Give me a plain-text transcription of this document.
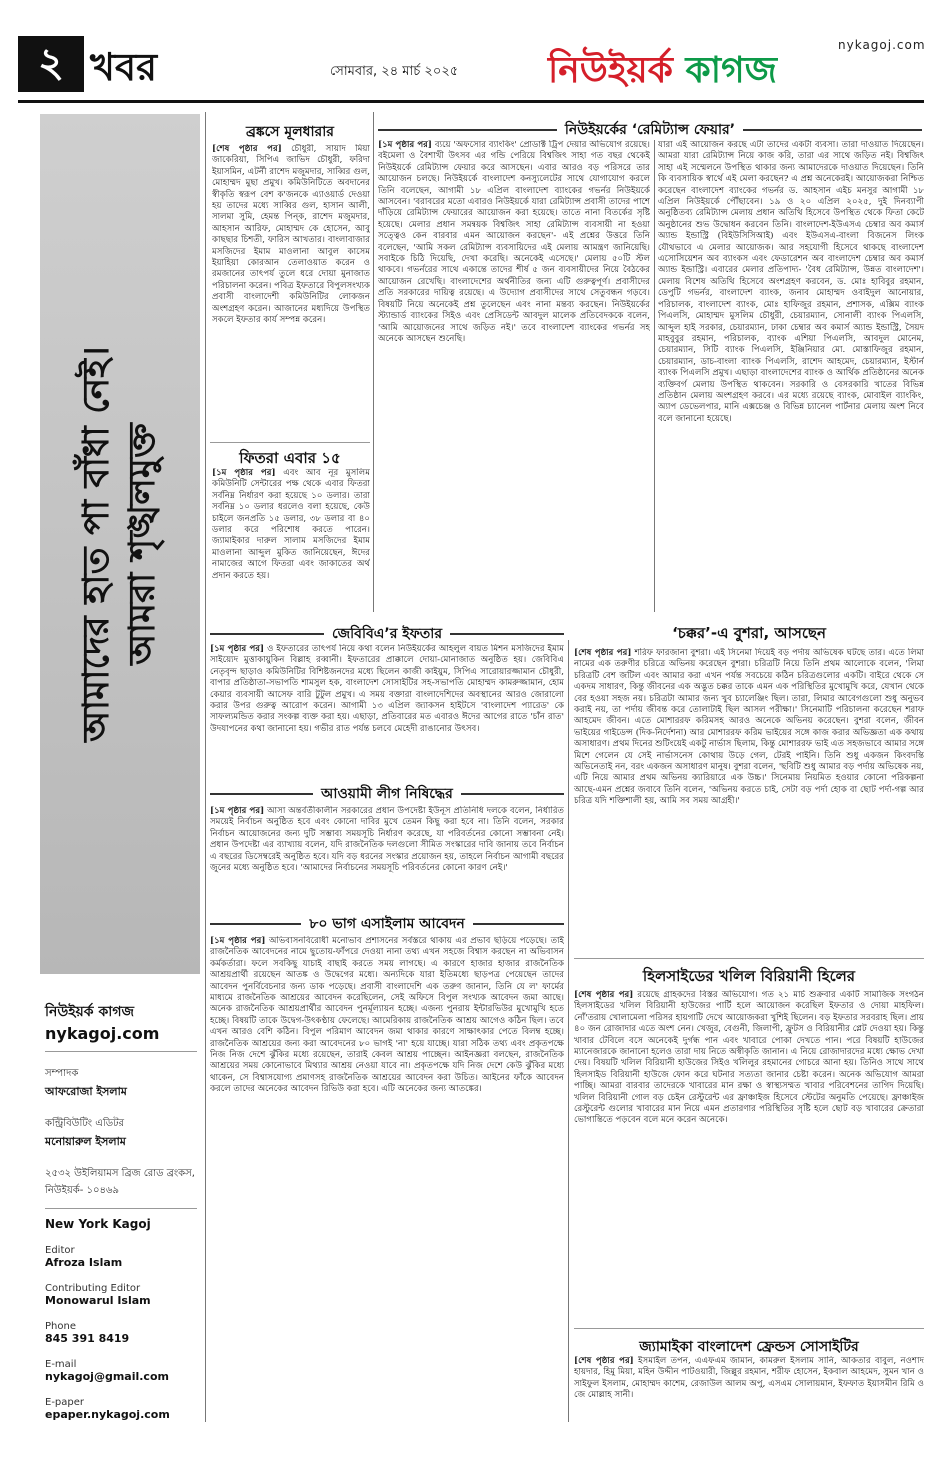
২ খবর	সোমবার, ২৪ মার্চ ২০২৫
nykagoj.com
নিউইয়র্ক কাগজ
আমাদের হাত পা বাঁধা নেই। আমরা শৃঙ্খলমুক্ত
নিউইয়র্ক কাগজ
nykagoj.com
সম্পাদক
আফরোজা ইসলাম
কন্ট্রিবিউটিং এডিটর
মনোয়ারুল ইসলাম
২৫৩২ উইলিয়ামস ব্রিজ রোড ব্রংকস, নিউইয়র্ক- ১০৪৬৯
New York Kagoj
Editor
Afroza Islam
Contributing Editor
Monowarul Islam
Phone
845 391 8419
E-mail
nykagoj@gmail.com
E-paper
epaper.nykagoj.com
ব্রঙ্কসে মূলধারার
[শেষ পৃষ্ঠার পর] চৌধুরী, সায়াদ মিয়া জাকেরিয়া, সিপিএ জাভিদ চৌধুরী, ফরিদা ইয়াসমিন, এটর্নী রাশেদ মজুমদার, সাব্বির গুল, মোহাম্মদ মুছা প্রমুখ। কমিউনিটিতে অবদানের স্বীকৃতি স্বরূপ বেশ ক'জনকে এ্যাওয়ার্ড দেওয়া হয় তাদের মধ্যে সাব্বির গুল, হাসান আলী, সালমা সুমি, হেমন্ত পিন্ক, রাশেদ মজুমদার, আহসান আরিফ, মোহাম্মদ কে হোসেন, আবু কাছছার চিশতী, ফারিস আখতার। বাংলাবাজার মসজিদের ইমাম মাওলানা আবুল কাসেম ইয়াহিয়া কোরআন তেলাওয়াত করেন ও রমজানের তাৎপর্য তুলে ধরে দোয়া মুনাজাত পরিচালনা করেন। পবিত্র ইফতারে বিপুলসংখ্যক প্রবাসী বাংলাদেশী কমিউনিটির লোকজন অংশগ্রহণ করেন। আজানের মধ্যদিয়ে উপস্থিত সকলে ইফতার কার্য সম্পন্ন করেন।
ফিতরা এবার ১৫
[১ম পৃষ্ঠার পর] এবং আব নূর মুসলিম কমিউনিটি সেন্টারের পক্ষ থেকে এবার ফিতরা সর্বনিম্ন নির্ধারণ করা হয়েছে ১০ ডলার। তারা সর্বনিম্ন ১০ ডলার ধরলেও বলা হয়েছে, কেউ চাইলে জনপ্রতি ১৫ ডলার, ৩৮ ডলার বা ৪০ ডলার করে পরিশোধ করতে পারেন। জ্যামাইকার দারুল সালাম মসজিদের ইমাম মাওলানা আব্দুল মুকিত জানিয়েছেন, ঈদের নামাজের আগে ফিতরা এবং জাকাতের অর্থ প্রদান করতে হয়।
নিউইয়র্কের ‘রেমিট্যান্স ফেয়ার’
[১ম পৃষ্ঠার পর] ব্যয়ে 'অফসোর ব্যাংকিং' প্রোডাক্ট ট্রিপ দেয়ার অভিযোগ রয়েছে। বইমেলা ও বৈশাখী উৎসব এর গন্ডি পেরিয়ে বিশ্বজিৎ সাহা গত বছর থেকেই নিউইয়র্কে রেমিট্যান্স ফেয়ার করে আসছেন। এবার আরও বড় পরিসরে তার আয়োজন চলছে। নিউইয়র্কে বাংলাদেশ কনস্যুলেটের সাথে যোগাযোগ করলে তিনি বলেছেন, আগামী ১৮ এপ্রিল বাংলাদেশ ব্যাংকের গভর্নর নিউইয়র্কে আসবেন। 'বরাবরের মতো এবারও নিউইয়র্কে যারা রেমিট্যান্স প্রবাসী তাদের পাশে দাঁড়িয়ে রেমিট্যান্স ফেয়ারের আয়োজন করা হয়েছে। তাতে নানা বিতর্কের সৃষ্টি হয়েছে। মেলার প্রধান সমন্বয়ক বিশ্বজিৎ সাহা রেমিট্যান্স ব্যবসায়ী না হওয়া সত্ত্বেও কেন বারবার এমন আয়োজন করছেন'- এই প্রশ্নের উত্তরে তিনি বলেছেন, 'আমি সকল রেমিট্যান্স ব্যবসায়িদের এই মেলায় আমন্ত্রণ জানিয়েছি। সবাইকে চিঠি দিয়েছি, দেখা করেছি। অনেকেই এসেছে।' মেলায় ৫০টি স্টল থাকবে। গভর্নরের সাথে একান্তে তাদের শীর্ষ ৫ জন ব্যবসায়ীদের নিয়ে বৈঠকের আয়োজন রেখেছি। বাংলাদেশের অর্থনীতির জন্য এটি গুরুত্বপূর্ণ। প্রবাসীদের প্রতি সরকারের দায়িত্ব রয়েছে। এ উদ্যোগ প্রবাসীদের সাথে সেতুবন্ধন গড়বে। বিষয়টি নিয়ে অনেকেই প্রশ্ন তুলেছেন এবং নানা মন্তব্য করছেন। নিউইয়র্কের স্ট্যান্ডার্ড ব্যাংকের সিইও এবং প্রেসিডেন্ট আবদুল মালেক প্রতিবেদককে বলেন, 'আমি আয়োজনের সাথে জড়িত নই।' তবে বাংলাদেশ ব্যাংকের গভর্নর সহ অনেকে আসছেন শুনেছি।
যারা এই আয়োজন করছে এটা তাদের একটা ব্যবসা। তারা দাওয়াত দিয়েছেন। আমরা যারা রেমিট্যান্স নিয়ে কাজ করি, তারা এর সাথে জড়িত নই। বিশ্বজিৎ সাহা এই সম্মেলনে উপস্থিত থাকার জন্য আমাদেরকে দাওয়াত দিয়েছেন। তিনি কি ব্যবসায়িক স্বার্থে এই মেলা করছেন? এ প্রশ্ন অনেকেরই। আয়োজকরা নিশ্চিত করেছেন বাংলাদেশ ব্যাংকের গভর্নর ড. আহসান এইচ মনসুর আগামী ১৮ এপ্রিল নিউইয়র্কে পৌঁছাবেন। ১৯ ও ২০ এপ্রিল ২০২৫, দুই দিনব্যাপী অনুষ্ঠিতব্য রেমিট্যান্স মেলায় প্রধান অতিথি হিসেবে উপস্থিত থেকে ফিতা কেটে অনুষ্ঠানের শুভ উদ্বোধন করবেন তিনি। বাংলাদেশ-ইউএসএ চেম্বার অব কমার্স অ্যান্ড ইন্ডাস্ট্রি (বিইউসিসিআই) এবং ইউএসএ-বাংলা বিজনেস লিংক যৌথভাবে এ মেলার আয়োজক। আর সহযোগী হিসেবে থাকছে বাংলাদেশ এসোসিয়েশন অব ব্যাংকস এবং ফেডারেশন অব বাংলাদেশ চেম্বার অব কমার্স অ্যান্ড ইন্ডাস্ট্রি। এবারের মেলার প্রতিপাদ্য- 'বৈধ রেমিট্যান্স, উন্নত বাংলাদেশ'। মেলায় বিশেষ অতিথি হিসেবে অংশগ্রহণ করবেন, ড. মোঃ হাবিবুর রহমান, ডেপুটি গভর্নর, বাংলাদেশ ব্যাংক, জনাব মোহাম্মদ ওবাইদুল আনোয়ার, পরিচালক, বাংলাদেশ ব্যাংক, মোঃ হাফিজুর রহমান, প্রশাসক, এক্সিম ব্যাংক পিএলসি, মোহাম্মদ মুসলিম চৌধুরী, চেয়ারম্যান, সোনালী ব্যাংক পিএলসি, আব্দুল হাই সরকার, চেয়ারম্যান, ঢাকা চেম্বার অব কমার্স অ্যান্ড ইন্ডাস্ট্রি, সৈয়দ মাহবুবুর রহমান, পরিচালক, ব্যাংক এশিয়া পিএলসি, আবদুল মোনেম, চেয়ারম্যান, সিটি ব্যাংক পিএলসি, ইঞ্জিনিয়ার মো. মোস্তাফিজুর রহমান, চেয়ারম্যান, ডাচ-বাংলা ব্যাংক পিএলসি, রাশেদ আহমেদ, চেয়ারম্যান, ইস্টার্ন ব্যাংক পিএলসি প্রমুখ। এছাড়া বাংলাদেশের ব্যাংক ও আর্থিক প্রতিষ্ঠানের অনেক ব্যক্তিবর্গ মেলায় উপস্থিত থাকবেন। সরকারি ও বেসরকারি খাতের বিভিন্ন প্রতিষ্ঠান মেলায় অংশগ্রহণ করবে। এর মধ্যে রয়েছে ব্যাংক, মোবাইল ব্যাংকিং, অ্যাপ ডেভেলপার, মানি এক্সচেঞ্জ ও বিভিন্ন চ্যানেল পার্টনার মেলায় অংশ নিবে বলে জানানো হয়েছে।
জেবিবিএ’র ইফতার
[১ম পৃষ্ঠার পর] ও ইফতারের তাৎপর্য নিয়ে কথা বলেন নিউইয়র্কের আহলুল বায়ত মিশন মসজিদের ইমাম সাইয়্যেদ মুত্তাকায়ুকিন বিল্লাহ রব্বানী। ইফতারের প্রাক্কালে দোয়া-মোনাজাত অনুষ্ঠিত হয়। জেবিবিএ নেতৃবৃন্দ ছাড়াও কমিউনিটির বিশিষ্টজনদের মধ্যে ছিলেন কাজী কাইয়ুম, সিপিএ সারোয়ারজ্জামান চৌধুরী, বাপার প্রতিষ্ঠাতা-সভাপতি শামসুল হক, বাংলাদেশ সোসাইটির সহ-সভাপতি মোহাম্মদ কামরুজ্জামান, হোম কেয়ার ব্যবসায়ী আসেফ বারি টুটুল প্রমুখ। এ সময় বক্তারা বাংলাদেশিদের অবস্থানের আরও জোরালো করার উপর গুরুত্ব আরোপ করেন। আগামী ১৩ এপ্রিল জ্যাকসন হাইটসে 'বাংলাদেশ প্যারেড' কে সাফল্যমন্ডিত করার সংকল্প ব্যক্ত করা হয়। এছাড়া, প্রতিবারের মত এবারও ঈদের আগের রাতে 'চাঁন রাত' উদযাপনের কথা জানানো হয়। গভীর রাত পর্যন্ত চলবে মেহেদী রাঙানোর উৎসব।
আওয়ামী লীগ নিষিদ্ধের
[১ম পৃষ্ঠার পর] আসা অন্তর্বর্তীকালীন সরকারের প্রধান উপদেষ্টা ইউনূস প্রতিনিধি দলকে বলেন, নির্ধারিত সময়েই নির্বাচন অনুষ্ঠিত হবে এবং কোনো দাবির মুখে তেমন কিছু করা হবে না। তিনি বলেন, সরকার নির্বাচন আয়োজনের জন্য দুটি সম্ভাব্য সময়সূচি নির্ধারণ করেছে, যা পরিবর্তনের কোনো সম্ভাবনা নেই। প্রধান উপদেষ্টা এর ব্যাখ্যায় বলেন, যদি রাজনৈতিক দলগুলো সীমিত সংস্কারের দাবি জানায় তবে নির্বাচন এ বছরের ডিসেম্বরেই অনুষ্ঠিত হবে। যদি বড় ধরনের সংস্কার প্রয়োজন হয়, তাহলে নির্বাচন আগামী বছরের জুনের মধ্যে অনুষ্ঠিত হবে। 'আমাদের নির্বাচনের সময়সূচি পরিবর্তনের কোনো কারণ নেই।'
৮০ ভাগ এসাইলাম আবেদন
[১ম পৃষ্ঠার পর] অভিবাসনবিরোধী মনোভাব প্রশাসনের সর্বস্তরে থাকায় এর প্রভাব ছড়িয়ে পড়েছে। তাই রাজনৈতিক আবেদনের নামে ছুতোয়-ফাঁপরে দেওয়া নানা তথ্য এখন সহজে বিশ্বাস করছেন না অভিবাসন কর্মকর্তারা। ফলে সবকিছু যাচাই বাছাই করতে সময় লাগছে। এ কারণে হাজার হাজার রাজনৈতিক আশ্রয়প্রার্থী রয়েছেন আতঙ্ক ও উদ্বেগের মধ্যে। অন্যদিকে যারা ইতিমধ্যে ছাড়পত্র পেয়েছেন তাদের আবেদন পুনর্বিবেচনার জন্য ডাক পড়েছে। প্রবাসী বাংলাদেশি এক তরুণ জানান, তিনি যে ল' ফার্মের মাধ্যমে রাজনৈতিক আশ্রয়ের আবেদন করেছিলেন, সেই অফিসে বিপুল সংখ্যক আবেদন জমা আছে। অনেক রাজনৈতিক আশ্রয়প্রার্থীর আবেদন পুনর্মূল্যায়ন হচ্ছে। এজন্য পুনরায় ইন্টারভিউর মুখোমুখি হতে হচ্ছে। বিষয়টি তাকে উদ্বেগ-উৎকণ্ঠায় ফেলেছে। আমেরিকায় রাজনৈতিক আশ্রয় আগেও কঠিন ছিল। তবে এখন আরও বেশি কঠিন। বিপুল পরিমাণ আবেদন জমা থাকার কারণে সাক্ষাৎকার পেতে বিলম্ব হচ্ছে। রাজনৈতিক আশ্রয়ের জন্য করা আবেদনের ৮০ ভাগই 'না' হয়ে যাচ্ছে। যারা সঠিক তথ্য এবং প্রকৃতপক্ষে নিজ নিজ দেশে ঝুঁকির মধ্যে রয়েছেন, তারাই কেবল আশ্রয় পাচ্ছেন। আইনজ্ঞরা বলছেন, রাজনৈতিক আশ্রয়ের সময় কোনোভাবে মিথ্যার আশ্রয় নেওয়া যাবে না। প্রকৃতপক্ষে যদি নিজ দেশে কেউ ঝুঁকির মধ্যে থাকেন, সে বিশ্বাসযোগ্য প্রমাণসহ রাজনৈতিক আশ্রয়ের আবেদন করা উচিত। আইনের ফাঁকে আবেদন করলে তাদের অনেকের আবেদন রিভিউ করা হবে। এটি অনেকের জন্য আতঙ্কের।
‘চক্কর’-এ বুশরা, আসছেন
[শেষ পৃষ্ঠার পর] শরিফ ফারজানা বুশরা। এই সিনেমা দিয়েই বড় পর্দায় অভিষেক ঘটছে তার। এতে লিমা নামের এক তরুণীর চরিত্রে অভিনয় করেছেন বুশরা। চরিত্রটি নিয়ে তিনি প্রথম আলোকে বলেন, 'লিমা চরিত্রটি বেশ জটিল এবং আমার করা এখন পর্যন্ত সবচেয়ে কঠিন চরিত্রগুলোর একটি। বাইরে থেকে সে একদম সাধারণ, কিন্তু জীবনের এক অদ্ভুত চক্কর তাকে এমন এক পরিস্থিতির মুখোমুখি করে, যেখান থেকে বের হওয়া সহজ নয়। চরিত্রটা আমার জন্য খুব চ্যালেঞ্জিং ছিল। তারা, লিমার আবেগগুলো শুধু অনুভব করাই নয়, তা পর্দায় জীবন্ত করে তোলাটাই ছিল আসল পরীক্ষা।' সিনেমাটি পরিচালনা করেছেন শরাফ আহমেদ জীবন। এতে মোশাররফ করিমসহ আরও অনেকে অভিনয় করেছেন। বুশরা বলেন, জীবন ভাইয়ের গাইডেন্স (দিক-নির্দেশনা) আর মোশাররফ করিম ভাইয়ের সঙ্গে কাজ করার অভিজ্ঞতা এক কথায় অসাধারণ। প্রথম দিনের শুটিংয়েই একটু নার্ভাস ছিলাম, কিন্তু মোশাররফ ভাই এত সহজভাবে আমার সঙ্গে মিশে গেলেন যে সেই নার্ভাসনেস কোথায় উড়ে গেল, টেরই পাইনি। তিনি শুধু একজন কিংবদন্তি অভিনেতাই নন, বরং একজন অসাধারণ মানুষ। বুশরা বলেন, 'ছবিটি শুধু আমার বড় পর্দায় অভিষেক নয়, এটি নিয়ে আমার প্রথম অভিনয় ক্যারিয়ারে এক উচ্চ।' সিনেমায় নিয়মিত হওয়ার কোনো পরিকল্পনা আছে-এমন প্রশ্নের জবাবে তিনি বলেন, 'অভিনয় করতে চাই, সেটা বড় পর্দা হোক বা ছোট পর্দা-গল্প আর চরিত্র যদি শক্তিশালী হয়, আমি সব সময় আগ্রহী।'
হিলসাইডের খলিল বিরিয়ানী হিলের
[শেষ পৃষ্ঠার পর] রয়েছে গ্রাহকদের বিস্তর অভিযোগ। গত ২১ মার্চ শুক্রবার একটি সামাজিক সংগঠন হিলসাইডের খলিল বিরিয়ানী হাউজের পার্টি হলে আয়োজন করেছিল ইফতার ও দোয়া মাহফিল। নোঁ'তরায় খোলামেলা পরিসর হায়গাটি দেখে আয়োজকরা খুশিই ছিলেন। বড় ইফতার সরবরাহ ছিল। প্রায় ৪০ জন রোজাদার এতে অংশ নেন। খেজুর, বেগুনী, জিলাপী, ফ্রুটস ও বিরিয়ানীর প্লেট দেওয়া হয়। কিন্তু খাবার টেবিলে বসে অনেকেই দুর্গন্ধ পান এবং খাবারে পোকা দেখতে পান। পরে বিষয়টি হাউজের ম্যানেজারকে জানানো হলেও তারা দায় নিতে অস্বীকৃতি জানান। এ নিয়ে রোজাদারদের মধ্যে ক্ষোভ দেখা দেয়। বিষয়টি খলিল বিরিয়ানী হাউজের সিইও খলিলুর রহমানের গোচরে আনা হয়। তিনিও সাথে সাথে হিলসাইড বিরিয়ানী হাউজে ফোন করে ঘটনার সত্যতা জানার চেষ্টা করেন। অনেক অভিযোগ আমরা পাচ্ছি। আমরা বারবার তাদেরকে খাবারের মান রক্ষা ও স্বাস্থ্যসম্মত খাবার পরিবেশনের তাগিদ দিয়েছি। খলিল বিরিয়ানী গোল বড় চেইন রেস্টুরেন্ট এর ফ্রাঞ্চাইজ হিসেবে স্টেটের অনুমতি পেয়েছে। ফ্রাঞ্চাইজ রেস্টুরেন্ট গুলোর খাবারের মান নিয়ে এমন প্রতারণার পরিস্থিতির সৃষ্টি হলে ছোট বড় খাবারের ক্রেতারা ভোগান্তিতে পড়বেন বলে মনে করেন অনেকে।
জ্যামাইকা বাংলাদেশ ফ্রেন্ডস সোসাইটির
[শেষ পৃষ্ঠার পর] ইসমাইল তপন, এএফএম জামান, কামরুল ইসলাম সানি, আকতার বাবুল, নওশাদ হায়দার, হিমু মিয়া, মহিন উদ্দীন পাটওয়ারী, জিল্লুর রহমান, শরীফ হোসেন, ইকবাল আহমেদ, সুমন খান ও সাইফুল ইসলাম, মোহাম্মদ কাশেম, রেজাউল আলম অপু, এসএম সোলায়মান, ইফফাত ইয়াসমীন রিমি ও জে মোল্লাহ সানী।
